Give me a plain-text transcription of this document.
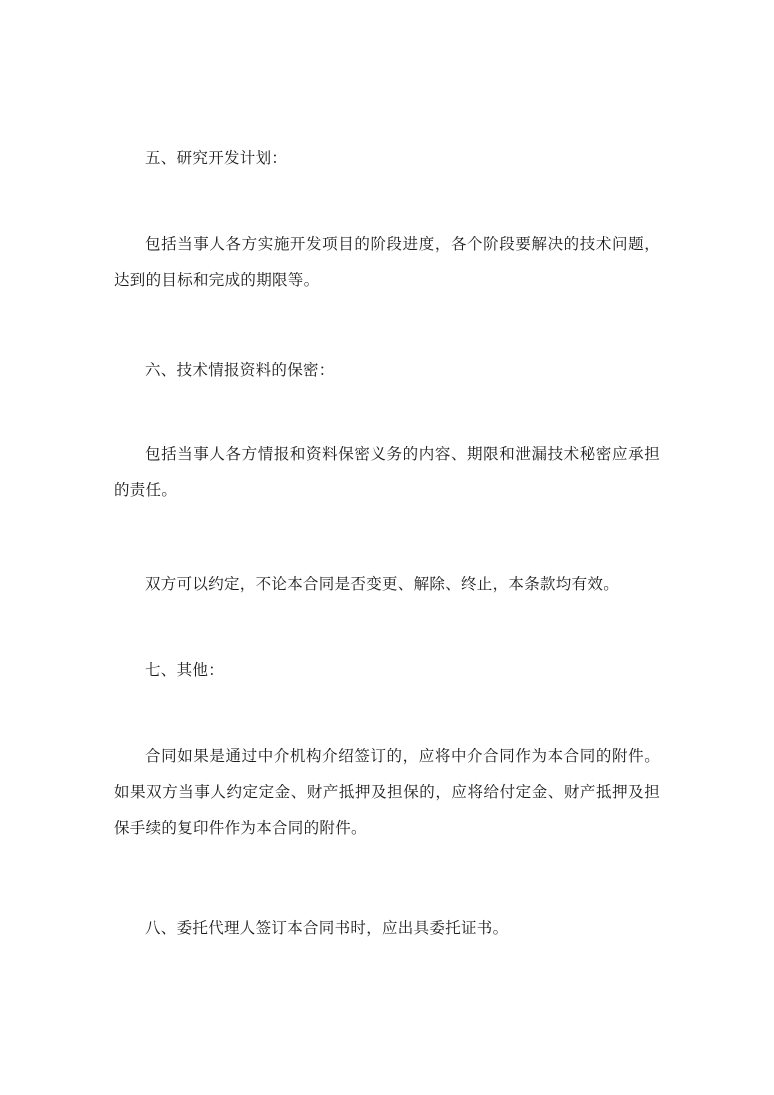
五、研究开发计划：

包括当事人各方实施开发项目的阶段进度，各个阶段要解决的技术问题，达到的目标和完成的期限等。

六、技术情报资料的保密：

包括当事人各方情报和资料保密义务的内容、期限和泄漏技术秘密应承担的责任。

双方可以约定，不论本合同是否变更、解除、终止，本条款均有效。

七、其他：

合同如果是通过中介机构介绍签订的，应将中介合同作为本合同的附件。如果双方当事人约定定金、财产抵押及担保的，应将给付定金、财产抵押及担保手续的复印件作为本合同的附件。

八、委托代理人签订本合同书时，应出具委托证书。
